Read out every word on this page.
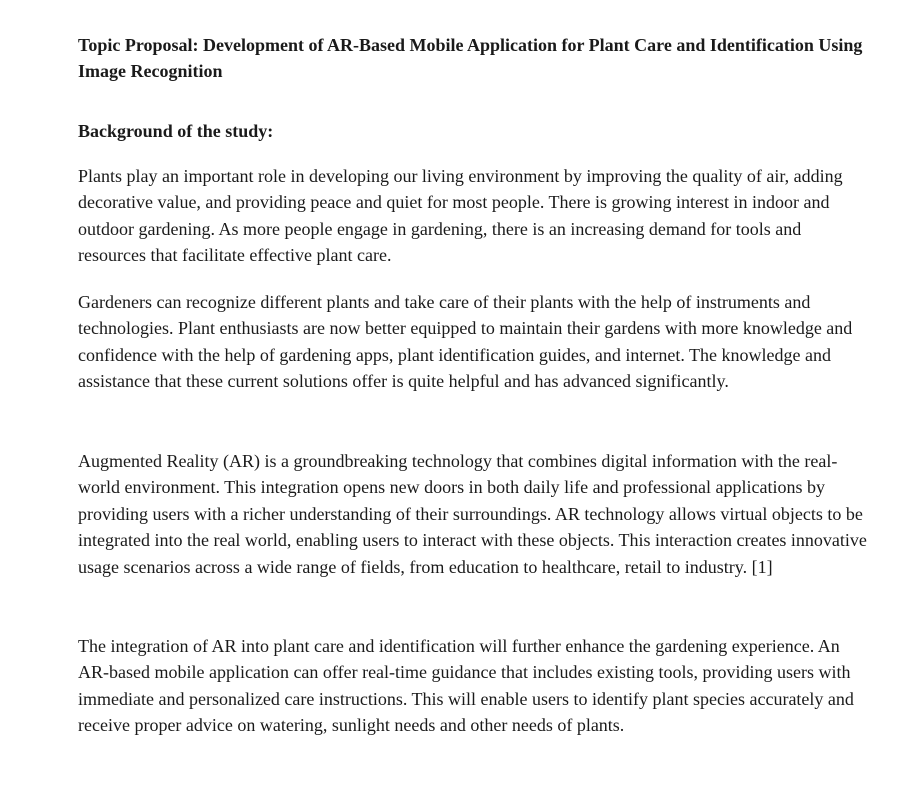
Topic Proposal: Development of AR-Based Mobile Application for Plant Care and Identification Using Image Recognition

Background of the study:

Plants play an important role in developing our living environment by improving the quality of air, adding decorative value, and providing peace and quiet for most people. There is growing interest in indoor and outdoor gardening. As more people engage in gardening, there is an increasing demand for tools and resources that facilitate effective plant care.

Gardeners can recognize different plants and take care of their plants with the help of instruments and technologies. Plant enthusiasts are now better equipped to maintain their gardens with more knowledge and confidence with the help of gardening apps, plant identification guides, and internet. The knowledge and assistance that these current solutions offer is quite helpful and has advanced significantly.

Augmented Reality (AR) is a groundbreaking technology that combines digital information with the real-world environment. This integration opens new doors in both daily life and professional applications by providing users with a richer understanding of their surroundings. AR technology allows virtual objects to be integrated into the real world, enabling users to interact with these objects. This interaction creates innovative usage scenarios across a wide range of fields, from education to healthcare, retail to industry. [1]

The integration of AR into plant care and identification will further enhance the gardening experience. An AR-based mobile application can offer real-time guidance that includes existing tools, providing users with immediate and personalized care instructions. This will enable users to identify plant species accurately and receive proper advice on watering, sunlight needs and other needs of plants.
